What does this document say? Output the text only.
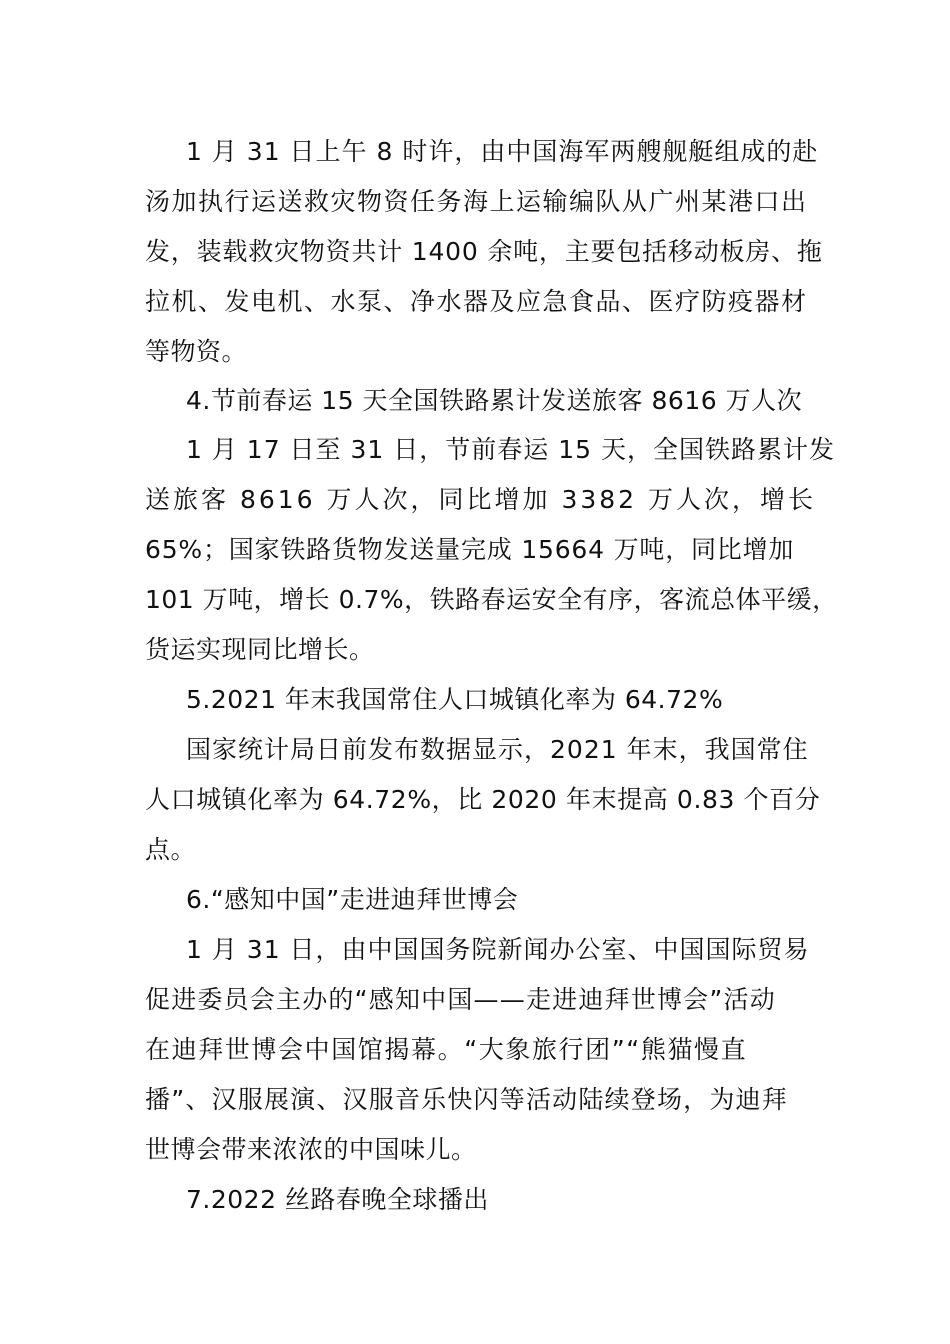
1 月 31 日上午 8 时许，由中国海军两艘舰艇组成的赴
汤加执行运送救灾物资任务海上运输编队从广州某港口出
发，装载救灾物资共计 1400 余吨，主要包括移动板房、拖
拉机、发电机、水泵、净水器及应急食品、医疗防疫器材
等物资。
4.节前春运 15 天全国铁路累计发送旅客 8616 万人次
1 月 17 日至 31 日，节前春运 15 天，全国铁路累计发
送旅客 8616 万人次，同比增加 3382 万人次，增长
65%；国家铁路货物发送量完成 15664 万吨，同比增加
101 万吨，增长 0.7%，铁路春运安全有序，客流总体平缓，
货运实现同比增长。
5.2021 年末我国常住人口城镇化率为 64.72%
国家统计局日前发布数据显示，2021 年末，我国常住
人口城镇化率为 64.72%，比 2020 年末提高 0.83 个百分
点。
6.“感知中国”走进迪拜世博会
1 月 31 日，由中国国务院新闻办公室、中国国际贸易
促进委员会主办的“感知中国——走进迪拜世博会”活动
在迪拜世博会中国馆揭幕。“大象旅行团”“熊猫慢直
播”、汉服展演、汉服音乐快闪等活动陆续登场，为迪拜
世博会带来浓浓的中国味儿。
7.2022 丝路春晚全球播出
